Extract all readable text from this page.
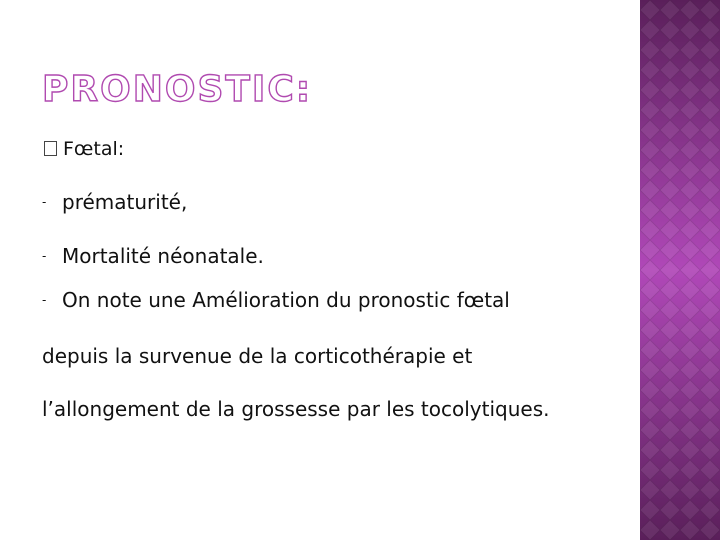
PRONOSTIC:
Fœtal:
- prématurité,
- Mortalité néonatale.
- On note une Amélioration du pronostic fœtal
depuis la survenue de la corticothérapie et
l’allongement de la grossesse par les tocolytiques.
